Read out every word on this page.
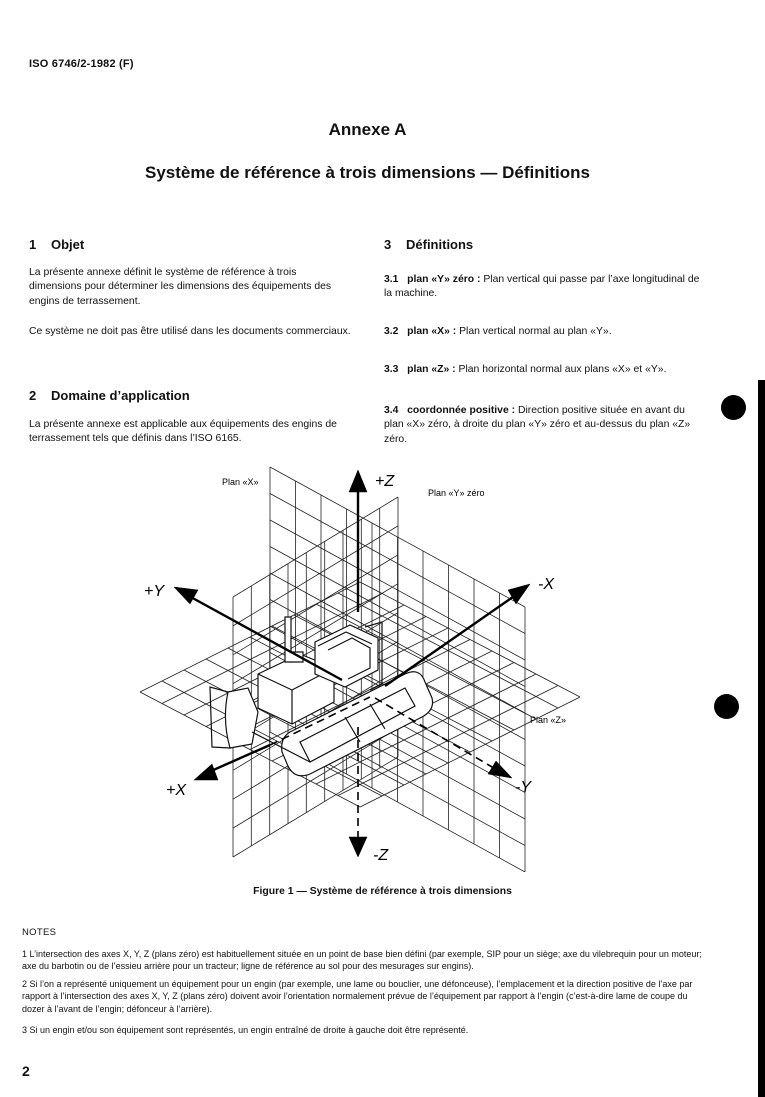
ISO 6746/2-1982 (F)
Annexe A
Système de référence à trois dimensions — Définitions
1 Objet
La présente annexe définit le système de référence à trois dimensions pour déterminer les dimensions des équipements des engins de terrassement.
Ce système ne doit pas être utilisé dans les documents commerciaux.
2 Domaine d’application
La présente annexe est applicable aux équipements des engins de terrassement tels que définis dans l’ISO 6165.
3 Définitions
3.1 plan «Y» zéro : Plan vertical qui passe par l’axe longitudinal de la machine.
3.2 plan «X» : Plan vertical normal au plan «Y».
3.3 plan «Z» : Plan horizontal normal aux plans «X» et «Y».
3.4 coordonnée positive : Direction positive située en avant du plan «X» zéro, à droite du plan «Y» zéro et au-dessus du plan «Z» zéro.
Plan «X»
Plan «Y» zéro
Plan «Z»
+Z
-Z
+Y
-Y
+X
-X
Figure 1 — Système de référence à trois dimensions
NOTES
1 L’intersection des axes X, Y, Z (plans zéro) est habituellement située en un point de base bien défini (par exemple, SIP pour un siège; axe du vilebrequin pour un moteur; axe du barbotin ou de l’essieu arrière pour un tracteur; ligne de référence au sol pour des mesurages sur engins).
2 Si l’on a représenté uniquement un équipement pour un engin (par exemple, une lame ou bouclier, une défonceuse), l’emplacement et la direction positive de l’axe par rapport à l’intersection des axes X, Y, Z (plans zéro) doivent avoir l’orientation normalement prévue de l’équipement par rapport à l’engin (c’est-à-dire lame de coupe du dozer à l’avant de l’engin; défonceur à l’arrière).
3 Si un engin et/ou son équipement sont représentés, un engin entraîné de droite à gauche doit être représenté.
2
